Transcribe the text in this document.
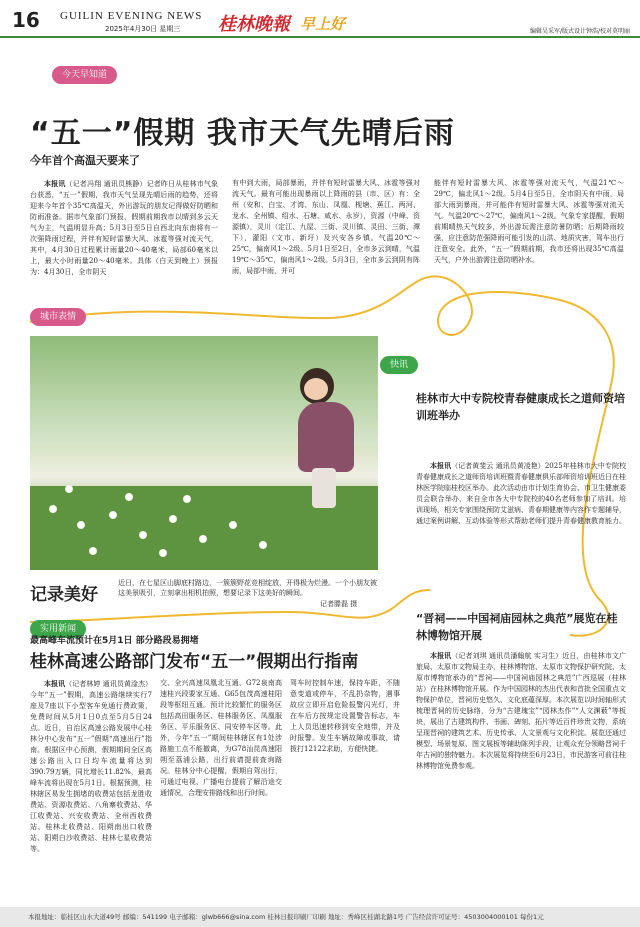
16 GUILIN EVENING NEWS
2025年4月30日 星期三 桂林晚報 早上好	编辑吴采军/版式设计钟浩/校对莫明丽
今天早知道
“五一”假期 我市天气先晴后雨
今年首个高温天要来了
本报讯（记者冯翔 通讯员熊静）记者昨日从桂林市气象台获悉，“五一”假期，我市天气呈现先晴后雨的趋势，还将迎来今年首个35℃高温天，外出游玩的朋友记得做好防晒和防雨准备。据市气象部门预报，假期前期我市以晴到多云天气为主，气温明显升高；5月3日至5日自西北向东南将有一次强降雨过程，并伴有短时雷暴大风、冰雹等强对流天气，其中，4月30日过程累计雨量20～40毫米，局部60毫米以上，最大小时雨量20～40毫米。具体（白天到晚上）预报为：4月30日，全市阴天
有中到大雨，局部暴雨，并伴有短时雷暴大风、冰雹等强对流天气。最有可能出现暴雨以上降雨的县（市、区）有：全州（安和、白宝、才湾、东山、凤凰、枧塘、蕉江、两河、龙水、全州镇、绍水、石塘、咸水、永岁），资源（中峰、资源镇），灵川（定江、九屋、三街、灵川镇、灵田、三街、潭下），灌阳（文市、新圩）及兴安各乡镇。气温20℃～25℃，偏南风1～2级。5月1日至2日，全市多云到晴，气温19℃～35℃，偏南风1～2级。5月3日，全市多云到阴有阵雨，局部中雨，并可
能伴有短时雷暴大风、冰雹等强对流天气，气温21℃～29℃，偏北风1～2级。5月4日至5日，全市阴天有中雨，局部大雨到暴雨，并可能伴有短时雷暴大风、冰雹等强对流天气。气温20℃～27℃，偏南风1～2级。气象专家提醒，假期前期晴热天气较多，外出游玩需注意防暑防晒；后期降雨较强，应注意防范强降雨可能引发的山洪、地质灾害，驾车出行注意安全。此外，“五一”假期前期，我市还将出现35℃高温天气，户外出游需注意防晒补水。
城市表情
记录美好
近日，在七星区山脚底村路边，一簇簇野花竞相绽放，开得极为烂漫。一个小朋友被这美景吸引，立刻拿出相机拍照，想要记录下这美好的瞬间。
记者滕磊 摄
快讯
桂林市大中专院校青春健康成长之道师资培训班举办
本报讯（记者黄斐云 通讯员黄凌艳）2025年桂林市大中专院校青春健康成长之道师资培训班暨青春健康俱乐部师资培训班近日在桂林医学院临桂校区举办。此次活动由市计划生育协会、市卫生健康委员会联合举办，来自全市各大中专院校的40名老师参加了培训。培训现场，相关专家围绕预防艾滋病、青春期健康等内容作专题辅导，通过案例讲解、互动体验等形式帮助老师们提升青春健康教育能力。
实用新闻
最高峰车流预计在5月1日 部分路段易拥堵
桂林高速公路部门发布“五一”假期出行指南
本报讯（记者林婷 通讯员黄淦杰）今年“五一”假期，高速公路继续实行7座及7座以下小型客车免通行费政策，免费时间从5月1日0点至5月5日24点。近日，自治区高速公路发展中心桂林分中心发布“五一”假期“高速出行”指南。根据区中心预测，假期期间全区高速公路出入口日均车流量将达到390.79万辆，同比增长11.82%，最高峰车流将出现在5月1日。根据预测，桂林辖区易发生拥堵的收费站包括龙胜收费站、资源收费站、八角寨收费站、华江收费站、兴安收费站、全州西收费站、桂林北收费站、阳朔南出口收费站、阳朔白沙收费站、桂林七星收费站等。
交、全兴高速凤凰北互通、G72泉南高速桂兴段要家互通、G65包茂高速桂阳段等枢纽互通。预计比较繁忙的服务区包括高田服务区、桂林服务区、凤凰服务区、平乐服务区、同安停车区等。此外，今年“五一”期间桂林辖区有1处涉路施工点不能撤离，为G78汕昆高速阳朔至荔浦公路，出行前请提前查询路况。桂林分中心提醒，假期自驾出行，可通过电视、广播电台提前了解沿途交通情况，合理安排路线和出行时间。
驾车时控制车速，保持车距，不随意变道或停车，不乱扔杂物，遇事故应立即开启危险报警闪光灯，并在车后方按规定设置警告标志，车上人员迅速转移到安全地带，并及时报警。发生车辆故障或事故，请拨打12122求助，方便快捷。
“晋祠——中国祠庙园林之典范”展览在桂林博物馆开展
本报讯（记者刘琪 通讯员潘翰航 实习生）近日，由桂林市文广旅局、太原市文物局主办，桂林博物馆、太原市文物保护研究院、太原市博物馆承办的“晋祠——中国祠庙园林之典范”广西巡展（桂林站）在桂林博物馆开展。作为中国园林的杰出代表和首批全国重点文物保护单位，晋祠历史悠久、文化底蕴深厚。本次展览以时间轴形式梳理晋祠的历史脉络，分为“古建瑰宝”“园林杰作”“人文渊薮”等板块，展出了古建筑构件、书画、碑刻、拓片等近百件珍贵文物，系统呈现晋祠的建筑艺术、历史传承、人文景观与文化积淀。展览还通过模型、场景复原、图文展板等辅助陈列手段，让观众充分领略晋祠千年古祠的独特魅力。本次展览将持续至6月23日，市民游客可前往桂林博物馆免费参观。
本报地址：临桂区山水大道49号 邮编：541199 电子邮箱：glwb666@sina.com 桂林日报印刷厂印刷 地址：秀峰区桂湖北路1号 广告经营许可证号：4503004000101 每份1元
